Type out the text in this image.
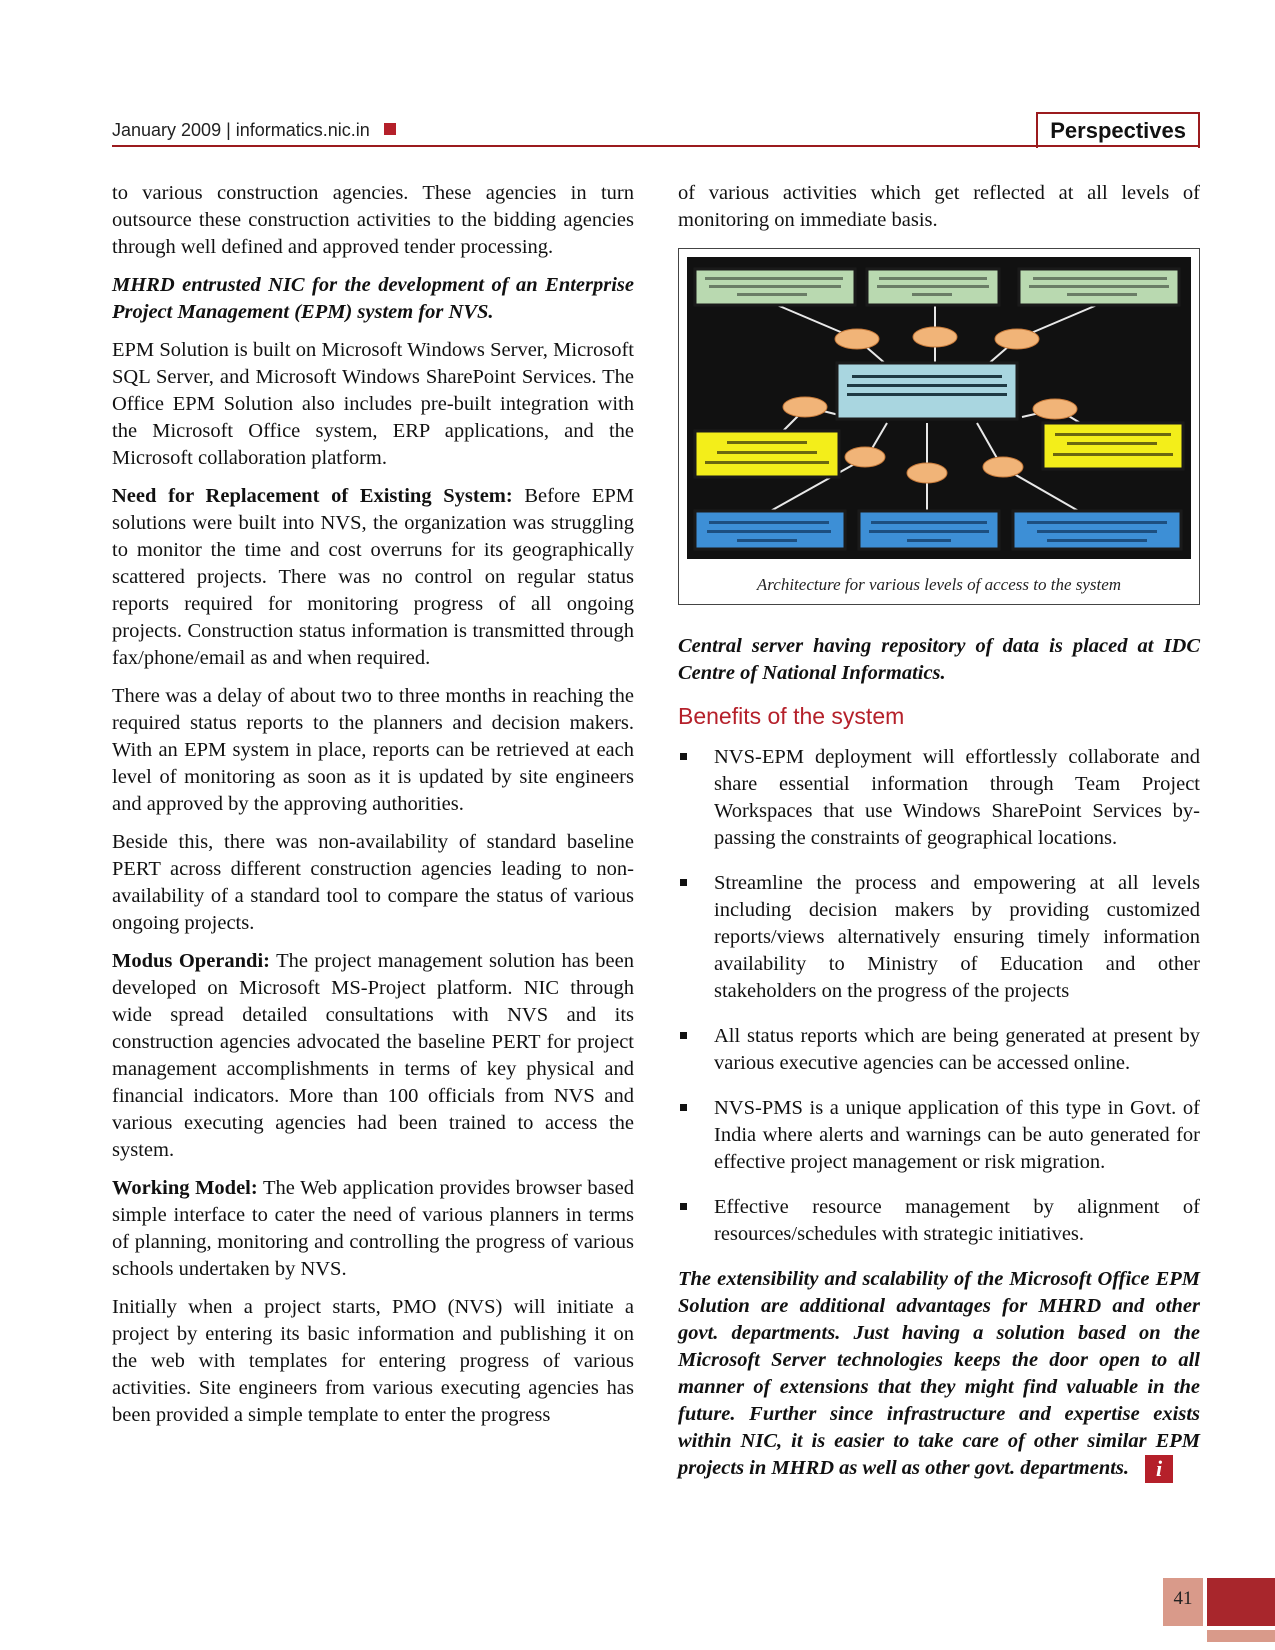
January 2009 | informatics.nic.in	Perspectives

to various construction agencies. These agencies in turn outsource these construction activities to the bidding agencies through well defined and approved tender processing.

MHRD entrusted NIC for the development of an Enterprise Project Management (EPM) system for NVS.

EPM Solution is built on Microsoft Windows Server, Microsoft SQL Server, and Microsoft Windows SharePoint Services. The Office EPM Solution also includes pre-built integration with the Microsoft Office system, ERP applications, and the Microsoft collaboration platform.

Need for Replacement of Existing System: Before EPM solutions were built into NVS, the organization was struggling to monitor the time and cost overruns for its geographically scattered projects. There was no control on regular status reports required for monitoring progress of all ongoing projects. Construction status information is transmitted through fax/phone/email as and when required.

There was a delay of about two to three months in reaching the required status reports to the planners and decision makers. With an EPM system in place, reports can be retrieved at each level of monitoring as soon as it is updated by site engineers and approved by the approving authorities.

Beside this, there was non-availability of standard baseline PERT across different construction agencies leading to non-availability of a standard tool to compare the status of various ongoing projects.

Modus Operandi: The project management solution has been developed on Microsoft MS-Project platform. NIC through wide spread detailed consultations with NVS and its construction agencies advocated the baseline PERT for project management accomplishments in terms of key physical and financial indicators. More than 100 officials from NVS and various executing agencies had been trained to access the system.

Working Model: The Web application provides browser based simple interface to cater the need of various planners in terms of planning, monitoring and controlling the progress of various schools undertaken by NVS.

Initially when a project starts, PMO (NVS) will initiate a project by entering its basic information and publishing it on the web with templates for entering progress of various activities. Site engineers from various executing agencies has been provided a simple template to enter the progress

of various activities which get reflected at all levels of monitoring on immediate basis.

Architecture for various levels of access to the system

Central server having repository of data is placed at IDC Centre of National Informatics.

Benefits of the system
NVS-EPM deployment will effortlessly collaborate and share essential information through Team Project Workspaces that use Windows SharePoint Services by-passing the constraints of geographical locations.
Streamline the process and empowering at all levels including decision makers by providing customized reports/views alternatively ensuring timely information availability to Ministry of Education and other stakeholders on the progress of the projects
All status reports which are being generated at present by various executive agencies can be accessed online.
NVS-PMS is a unique application of this type in Govt. of India where alerts and warnings can be auto generated for effective project management or risk migration.
Effective resource management by alignment of resources/schedules with strategic initiatives.

The extensibility and scalability of the Microsoft Office EPM Solution are additional advantages for MHRD and other govt. departments. Just having a solution based on the Microsoft Server technologies keeps the door open to all manner of extensions that they might find valuable in the future. Further since infrastructure and expertise exists within NIC, it is easier to take care of other similar EPM projects in MHRD as well as other govt. departments. i

41
